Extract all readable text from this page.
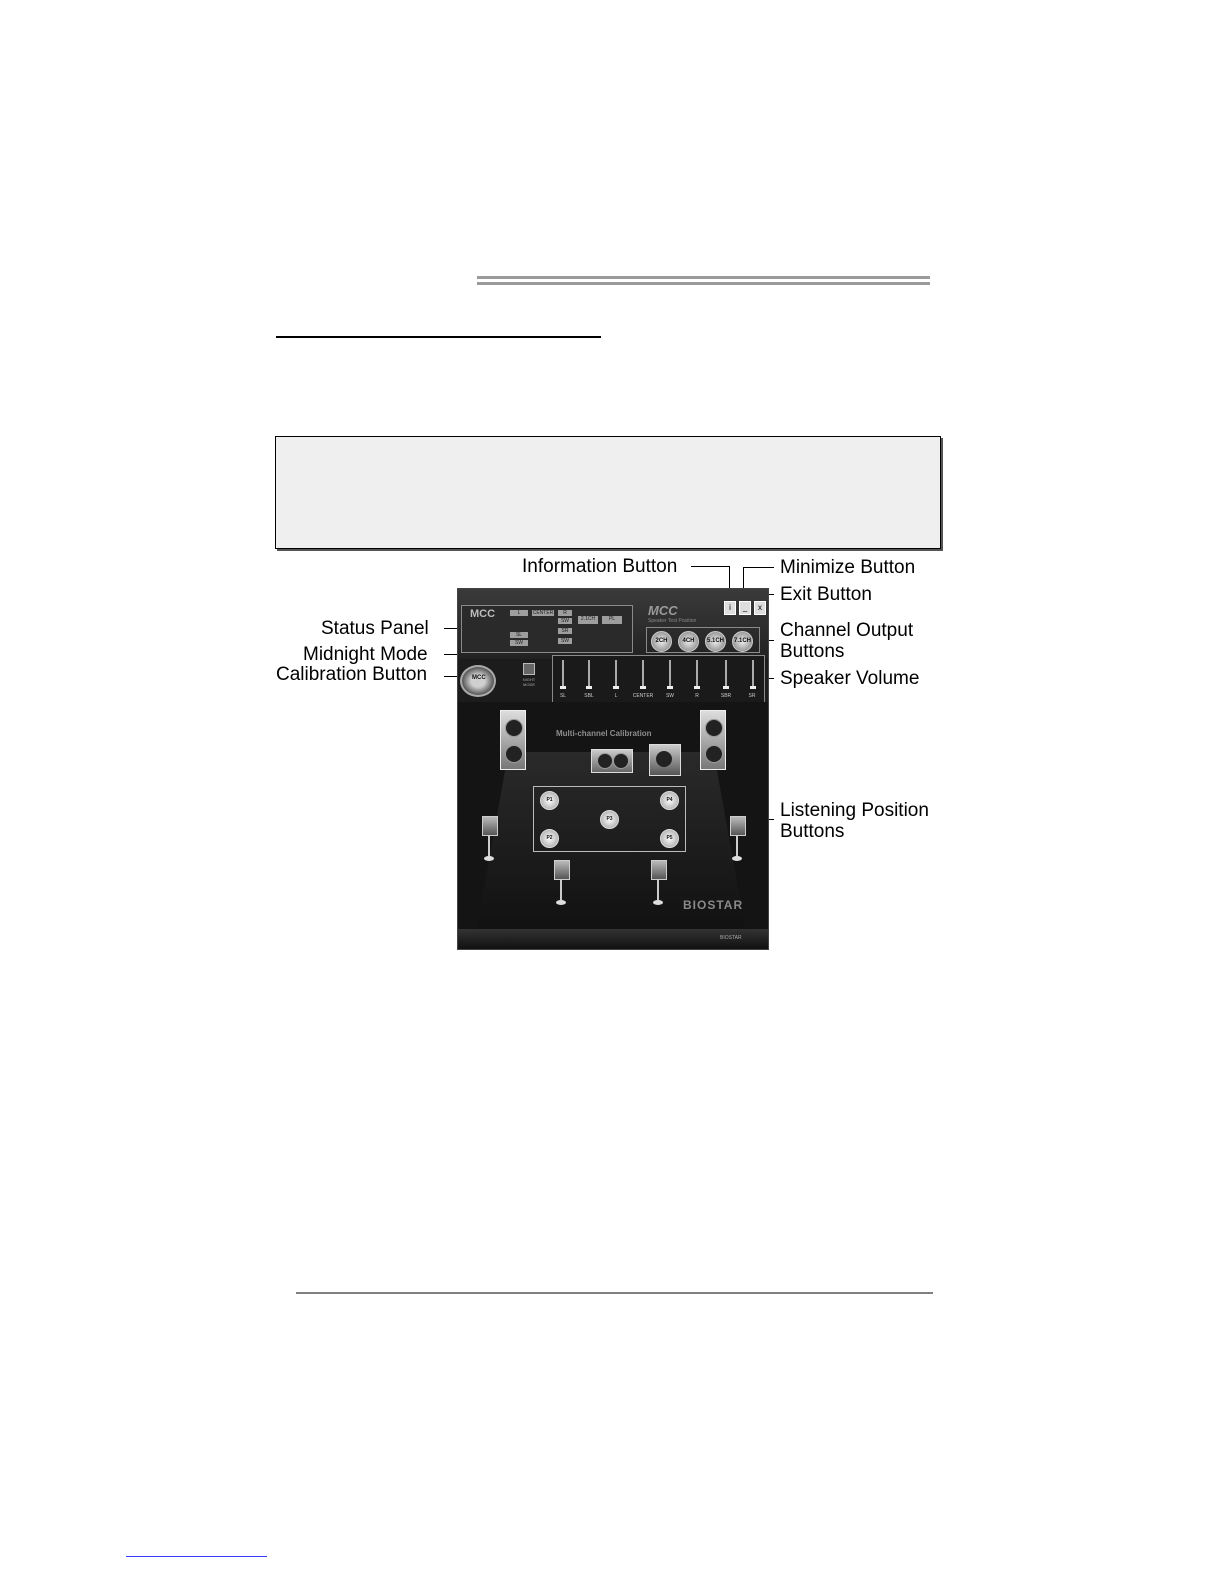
Information Button	Minimize Button
Exit Button
Status Panel
Midnight Mode
Calibration Button
Channel Output
Buttons
Speaker Volume
Listening Position
Buttons
MCC	L	CENTER	R
2.1CH	PL
SW
SL
SR
SW	SW
MCC
Speaker Test Position
i	_	x
2CH	4CH	5.1CH	7.1CH
MCC	NIGHT MODE
SL	SBL	L	CENTER	SW	R	SBR	SR
Multi-channel Calibration
P1
P3
P4
P2	P5
BIOSTAR
BIOSTAR
